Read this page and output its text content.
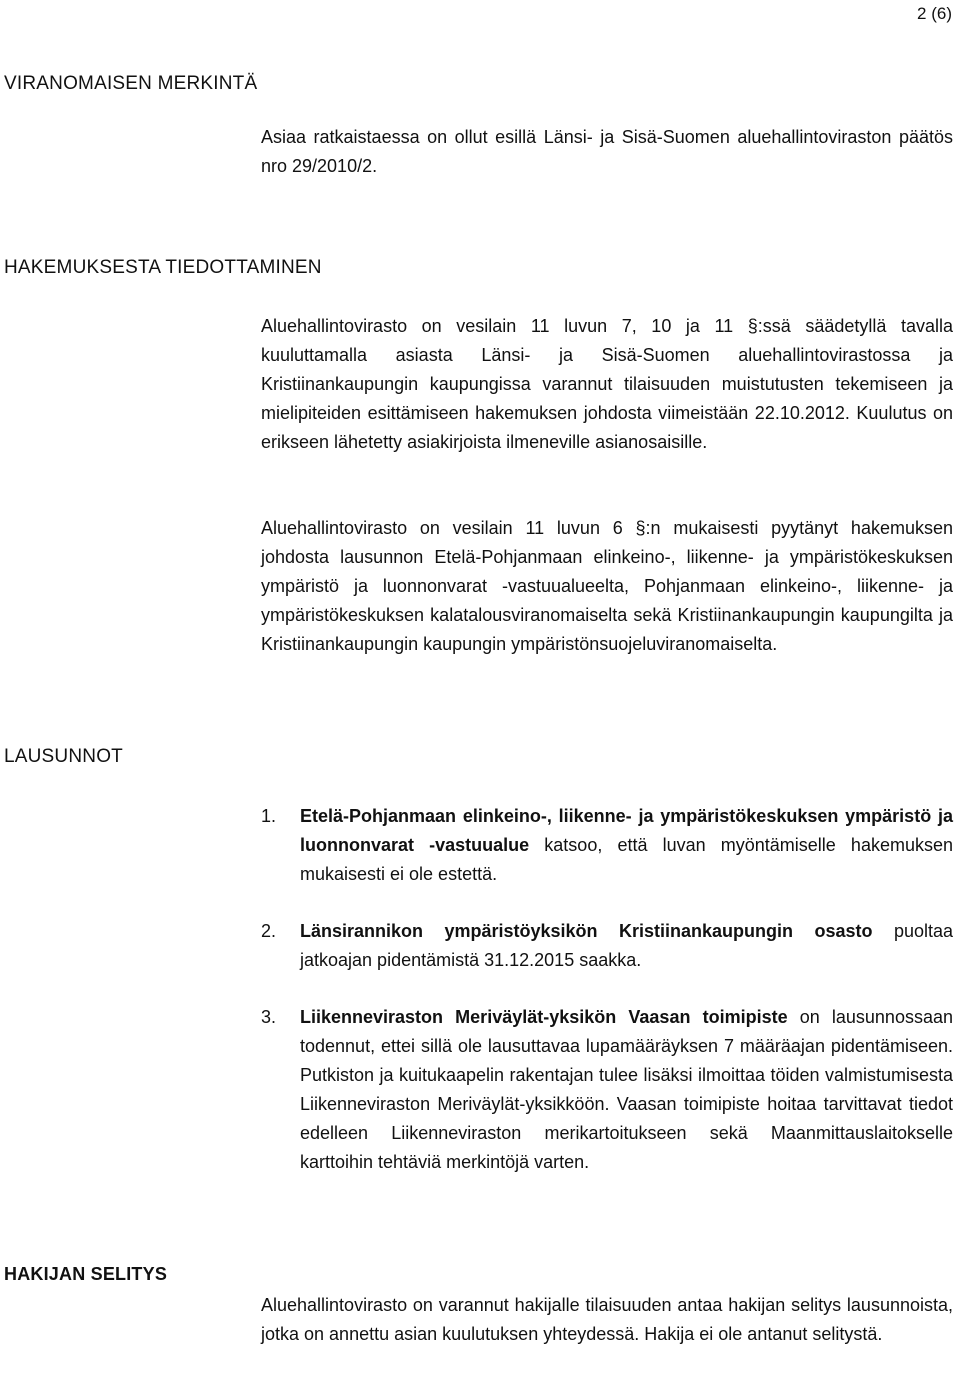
2 (6)
VIRANOMAISEN MERKINTÄ
Asiaa ratkaistaessa on ollut esillä Länsi- ja Sisä-Suomen aluehallintoviraston päätös nro 29/2010/2.
HAKEMUKSESTA TIEDOTTAMINEN
Aluehallintovirasto on vesilain 11 luvun 7, 10 ja 11 §:ssä säädetyllä tavalla kuuluttamalla asiasta Länsi- ja Sisä-Suomen aluehallintovirastossa ja Kristiinankaupungin kaupungissa varannut tilaisuuden muistutusten tekemiseen ja mielipiteiden esittämiseen hakemuksen johdosta viimeistään 22.10.2012. Kuulutus on erikseen lähetetty asiakirjoista ilmeneville asianosaisille.
Aluehallintovirasto on vesilain 11 luvun 6 §:n mukaisesti pyytänyt hakemuksen johdosta lausunnon Etelä-Pohjanmaan elinkeino-, liikenne- ja ympäristökeskuksen ympäristö ja luonnonvarat -vastuualueelta, Pohjanmaan elinkeino-, liikenne- ja ympäristökeskuksen kalatalousviranomaiselta sekä Kristiinankaupungin kaupungilta ja Kristiinankaupungin kaupungin ympäristönsuojeluviranomaiselta.
LAUSUNNOT
1. Etelä-Pohjanmaan elinkeino-, liikenne- ja ympäristökeskuksen ympäristö ja luonnonvarat -vastuualue katsoo, että luvan myöntämiselle hakemuksen mukaisesti ei ole estettä.
2. Länsirannikon ympäristöyksikön Kristiinankaupungin osasto puoltaa jatkoajan pidentämistä 31.12.2015 saakka.
3. Liikenneviraston Meriväylät-yksikön Vaasan toimipiste on lausunnossaan todennut, ettei sillä ole lausuttavaa lupamääräyksen 7 määräajan pidentämiseen. Putkiston ja kuitukaapelin rakentajan tulee lisäksi ilmoittaa töiden valmistumisesta Liikenneviraston Meriväylät-yksikköön. Vaasan toimipiste hoitaa tarvittavat tiedot edelleen Liikenneviraston merikartoitukseen sekä Maanmittauslaitokselle karttoihin tehtäviä merkintöjä varten.
HAKIJAN SELITYS
Aluehallintovirasto on varannut hakijalle tilaisuuden antaa hakijan selitys lausunnoista, jotka on annettu asian kuulutuksen yhteydessä. Hakija ei ole antanut selitystä.
